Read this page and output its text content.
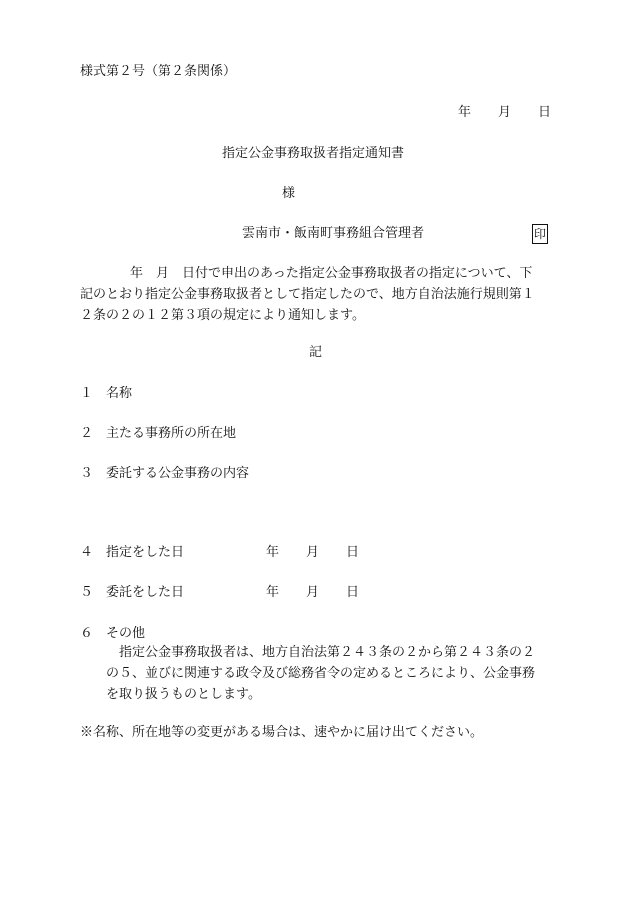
様式第２号（第２条関係）
年 月 日
指定公金事務取扱者指定通知書
様
雲南市・飯南町事務組合管理者	印
年　月　日付で申出のあった指定公金事務取扱者の指定について、下
記のとおり指定公金事務取扱者として指定したので、地方自治法施行規則第１
２条の２の１２第３項の規定により通知します。
記
１ 名称
２ 主たる事務所の所在地
３ 委託する公金事務の内容
４ 指定をした日	年 月 日
５ 委託をした日	年 月 日
６ その他
指定公金事務取扱者は、地方自治法第２４３条の２から第２４３条の２
の５、並びに関連する政令及び総務省令の定めるところにより、公金事務
を取り扱うものとします。
※名称、所在地等の変更がある場合は、速やかに届け出てください。
